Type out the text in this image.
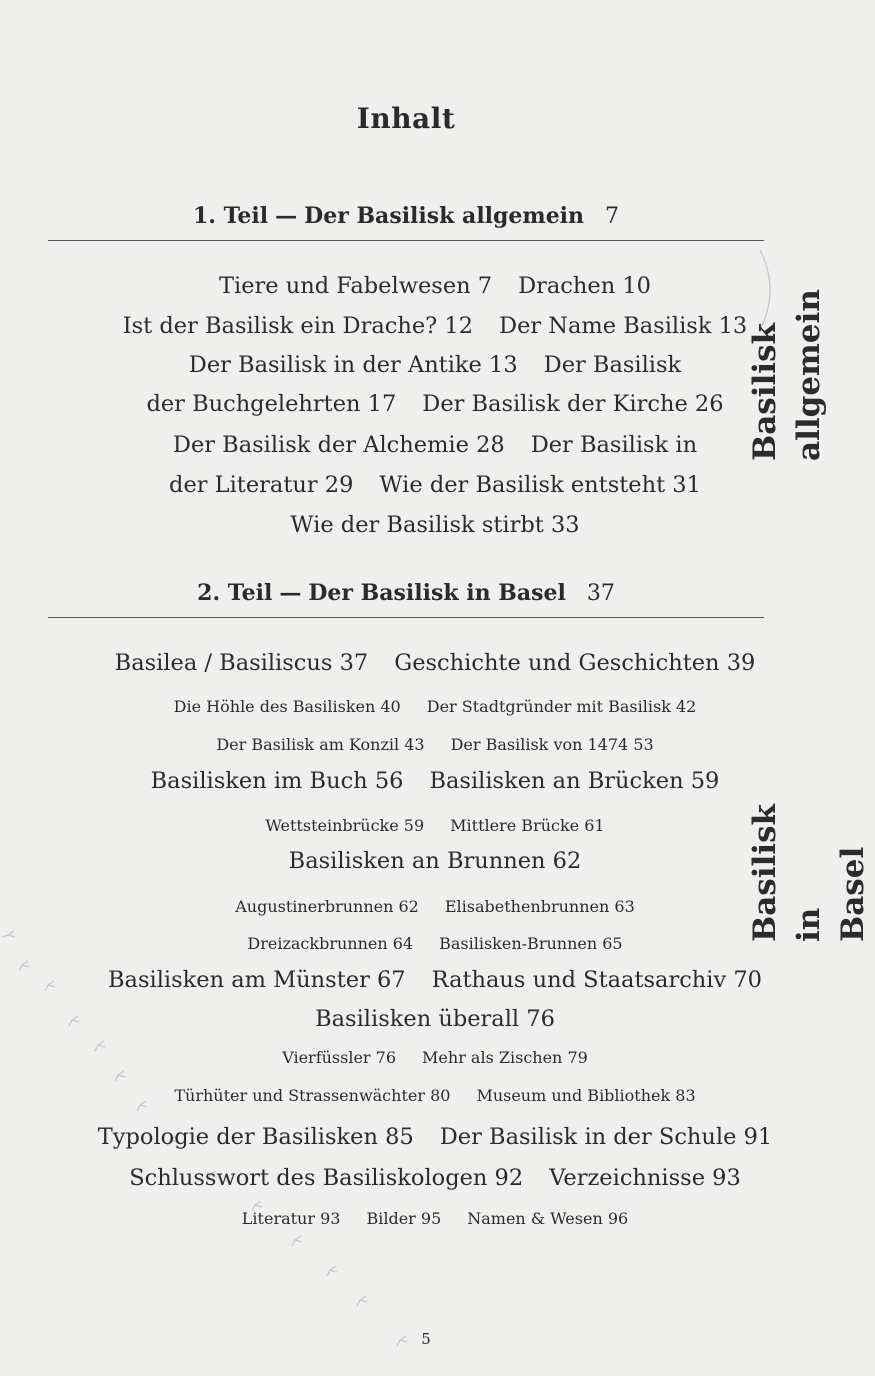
Inhalt
1. Teil — Der Basilisk allgemein 7
Tiere und Fabelwesen 7 Drachen 10
Ist der Basilisk ein Drache? 12 Der Name Basilisk 13
Der Basilisk in der Antike 13 Der Basilisk
der Buchgelehrten 17 Der Basilisk der Kirche 26
Der Basilisk der Alchemie 28 Der Basilisk in
der Literatur 29 Wie der Basilisk entsteht 31
Wie der Basilisk stirbt 33
Basilisk allgemein
2. Teil — Der Basilisk in Basel 37
Basilea / Basiliscus 37 Geschichte und Geschichten 39
Die Höhle des Basilisken 40 Der Stadtgründer mit Basilisk 42
Der Basilisk am Konzil 43 Der Basilisk von 1474 53
Basilisken im Buch 56 Basilisken an Brücken 59
Wettsteinbrücke 59 Mittlere Brücke 61
Basilisken an Brunnen 62
Augustinerbrunnen 62 Elisabethenbrunnen 63
Dreizackbrunnen 64 Basilisken-Brunnen 65
Basilisken am Münster 67 Rathaus und Staatsarchiv 70
Basilisken überall 76
Vierfüssler 76 Mehr als Zischen 79
Türhüter und Strassenwächter 80 Museum und Bibliothek 83
Typologie der Basilisken 85 Der Basilisk in der Schule 91
Schlusswort des Basiliskologen 92 Verzeichnisse 93
Literatur 93 Bilder 95 Namen & Wesen 96
Basilisk in Basel
5
